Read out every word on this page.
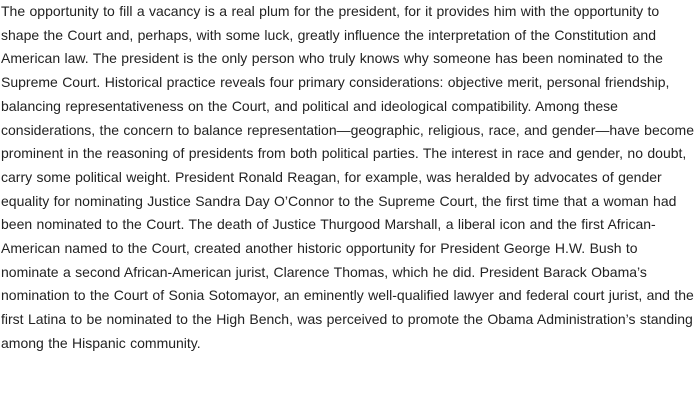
The opportunity to fill a vacancy is a real plum for the president, for it provides him with the opportunity to shape the Court and, perhaps, with some luck, greatly influence the interpretation of the Constitution and American law. The president is the only person who truly knows why someone has been nominated to the Supreme Court. Historical practice reveals four primary considerations: objective merit, personal friendship, balancing representativeness on the Court, and political and ideological compatibility. Among these considerations, the concern to balance representation—geographic, religious, race, and gender—have become prominent in the reasoning of presidents from both political parties. The interest in race and gender, no doubt, carry some political weight. President Ronald Reagan, for example, was heralded by advocates of gender equality for nominating Justice Sandra Day O’Connor to the Supreme Court, the first time that a woman had been nominated to the Court. The death of Justice Thurgood Marshall, a liberal icon and the first African-American named to the Court, created another historic opportunity for President George H.W. Bush to nominate a second African-American jurist, Clarence Thomas, which he did. President Barack Obama’s nomination to the Court of Sonia Sotomayor, an eminently well-qualified lawyer and federal court jurist, and the first Latina to be nominated to the High Bench, was perceived to promote the Obama Administration’s standing among the Hispanic community.
